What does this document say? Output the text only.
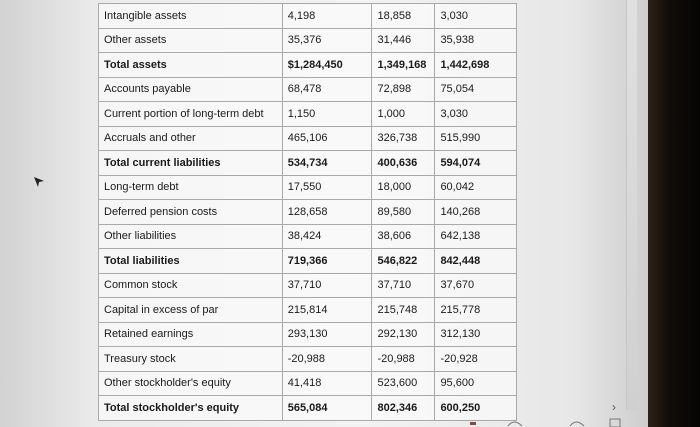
Intangible assets	4,198	18,858	3,030
Other assets	35,376	31,446	35,938
Total assets	$1,284,450	1,349,168	1,442,698
Accounts payable	68,478	72,898	75,054
Current portion of long-term debt	1,150	1,000	3,030
Accruals and other	465,106	326,738	515,990
Total current liabilities	534,734	400,636	594,074
Long-term debt	17,550	18,000	60,042
Deferred pension costs	128,658	89,580	140,268
Other liabilities	38,424	38,606	642,138
Total liabilities	719,366	546,822	842,448
Common stock	37,710	37,710	37,670
Capital in excess of par	215,814	215,748	215,778
Retained earnings	293,130	292,130	312,130
Treasury stock	-20,988	-20,988	-20,928
Other stockholder's equity	41,418	523,600	95,600
Total stockholder's equity	565,084	802,346	600,250	›
